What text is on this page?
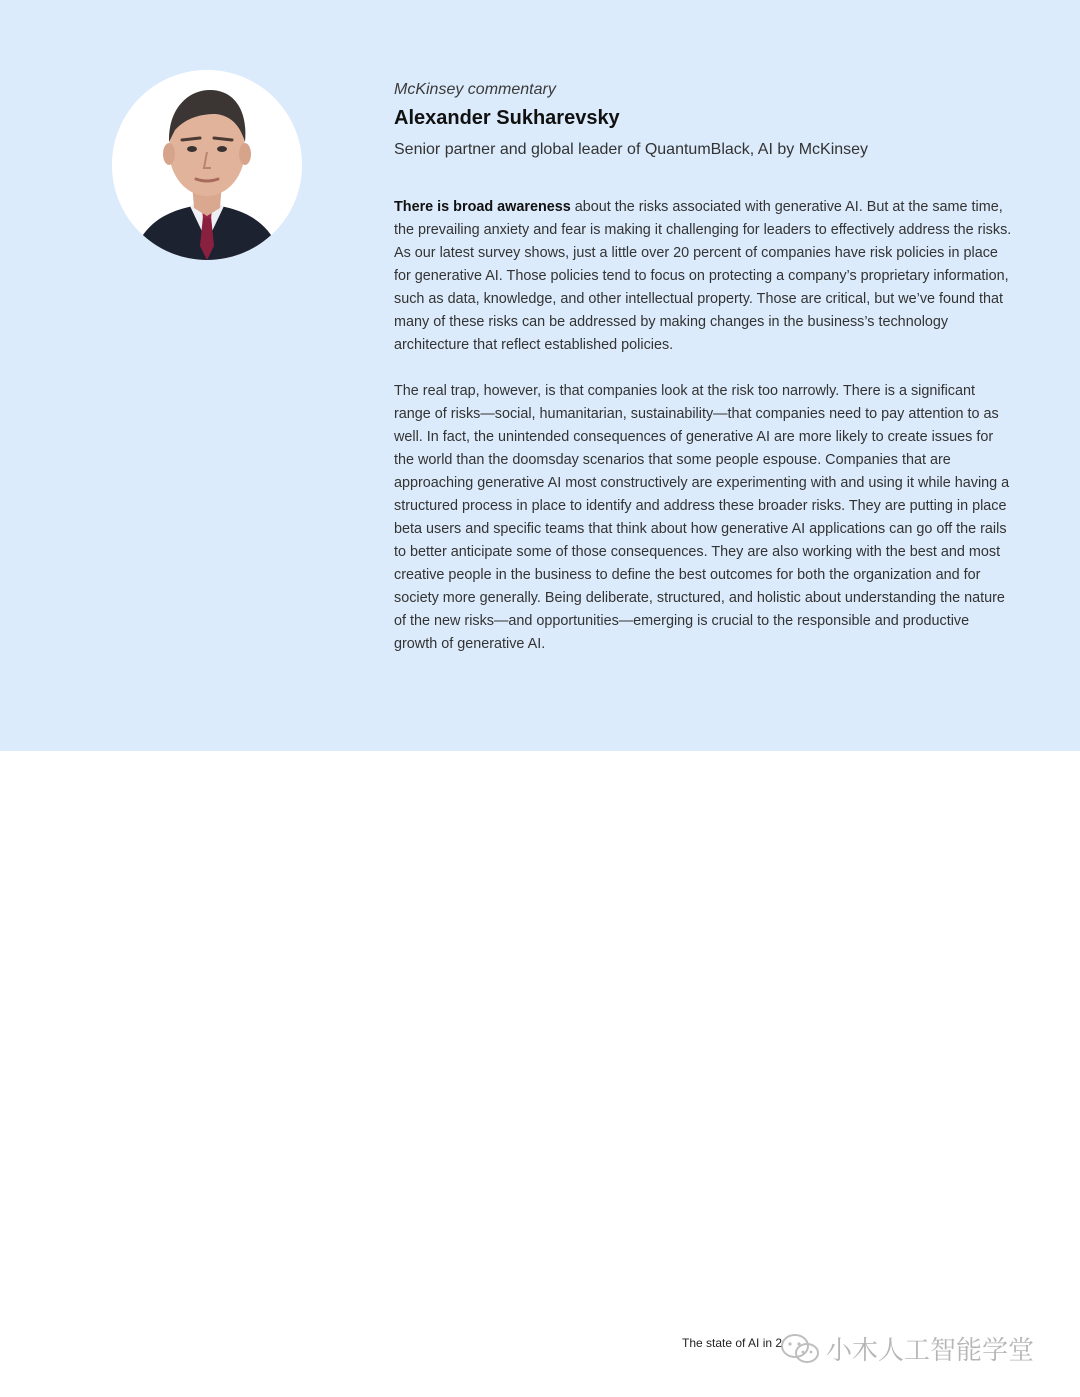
McKinsey commentary

Alexander Sukharevsky

Senior partner and global leader of QuantumBlack, AI by McKinsey

There is broad awareness about the risks associated with generative AI. But at the same time, the prevailing anxiety and fear is making it challenging for leaders to effectively address the risks. As our latest survey shows, just a little over 20 percent of companies have risk policies in place for generative AI. Those policies tend to focus on protecting a company’s proprietary information, such as data, knowledge, and other intellectual property. Those are critical, but we’ve found that many of these risks can be addressed by making changes in the business’s technology architecture that reflect established policies.

The real trap, however, is that companies look at the risk too narrowly. There is a significant range of risks—social, humanitarian, sustainability—that companies need to pay attention to as well. In fact, the unintended consequences of generative AI are more likely to create issues for the world than the doomsday scenarios that some people espouse. Companies that are approaching generative AI most constructively are experimenting with and using it while having a structured process in place to identify and address these broader risks. They are putting in place beta users and specific teams that think about how generative AI applications can go off the rails to better anticipate some of those consequences. They are also working with the best and most creative people in the business to define the best outcomes for both the organization and for society more generally. Being deliberate, structured, and holistic about understanding the nature of the new risks—and opportunities—emerging is crucial to the responsible and productive growth of generative AI.

The state of AI in 2 小木人工智能学堂
